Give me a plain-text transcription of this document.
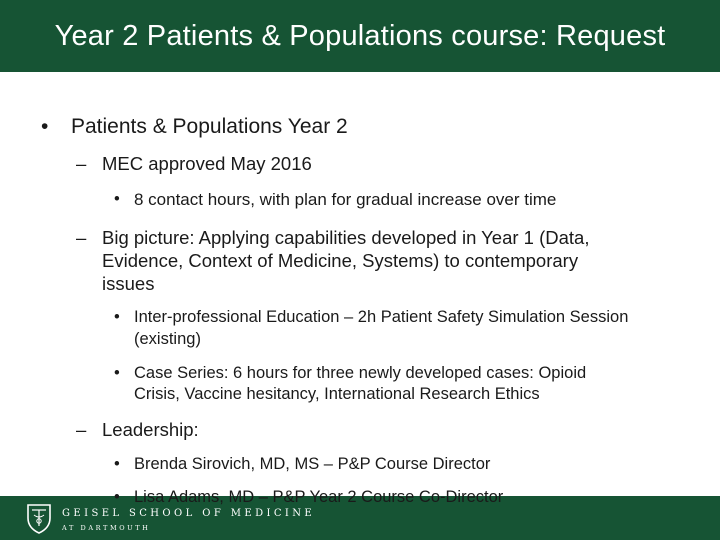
Year 2 Patients & Populations course: Request
• Patients & Populations Year 2
– MEC approved May 2016
• 8 contact hours, with plan for gradual increase over time
– Big picture: Applying capabilities developed in Year 1 (Data,
Evidence, Context of Medicine, Systems) to contemporary
issues
• Inter-professional Education – 2h Patient Safety Simulation Session
(existing)
• Case Series: 6 hours for three newly developed cases: Opioid
Crisis, Vaccine hesitancy, International Research Ethics
– Leadership:
• Brenda Sirovich, MD, MS – P&P Course Director
• Lisa Adams, MD – P&P Year 2 Course Co-Director
GEISEL SCHOOL OF MEDICINE
AT DARTMOUTH
